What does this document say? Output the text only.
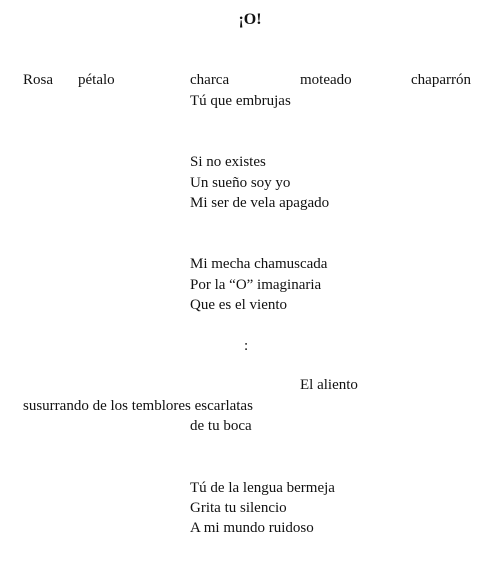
¡O!
Rosa pétalo	charca	moteado	chaparrón
Tú que embrujas
Si no existes
Un sueño soy yo
Mi ser de vela apagado
Mi mecha chamuscada
Por la “O” imaginaria
Que es el viento
:
El aliento
susurrando de los temblores escarlatas
de tu boca
Tú de la lengua bermeja
Grita tu silencio
A mi mundo ruidoso
